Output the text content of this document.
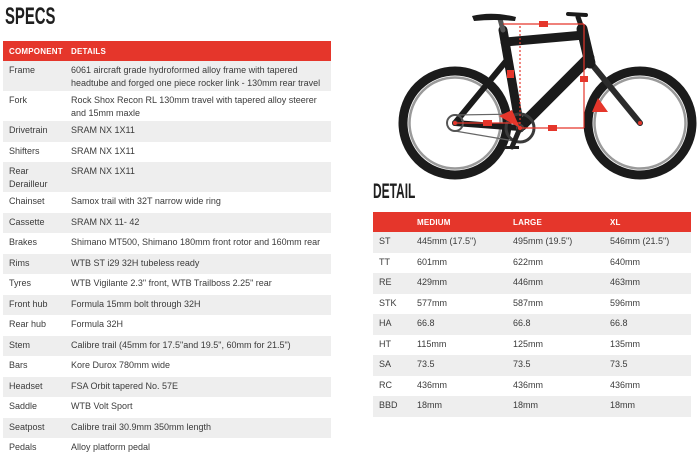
SPECS
COMPONENT	DETAILS
Frame	6061 aircraft grade hydroformed alloy frame with tapered headtube and forged one piece rocker link - 130mm rear travel
Fork	Rock Shox Recon RL 130mm travel with tapered alloy steerer and 15mm maxle
Drivetrain	SRAM NX 1X11
Shifters	SRAM NX 1X11
Rear Derailleur	SRAM NX 1X11
Chainset	Samox trail with 32T narrow wide ring
Cassette	SRAM NX 11- 42
Brakes	Shimano MT500, Shimano 180mm front rotor and 160mm rear
Rims	WTB ST i29 32H tubeless ready
Tyres	WTB Vigilante 2.3" front, WTB Trailboss 2.25" rear
Front hub	Formula 15mm bolt through 32H
Rear hub	Formula 32H
Stem	Calibre trail (45mm for 17.5"and 19.5", 60mm for 21.5")
Bars	Kore Durox 780mm wide
Headset	FSA Orbit tapered No. 57E
Saddle	WTB Volt Sport
Seatpost	Calibre trail 30.9mm 350mm length
Pedals	Alloy platform pedal
DETAIL
	MEDIUM	LARGE	XL
ST	445mm (17.5")	495mm (19.5")	546mm (21.5")
TT	601mm	622mm	640mm
RE	429mm	446mm	463mm
STK	577mm	587mm	596mm
HA	66.8	66.8	66.8
HT	115mm	125mm	135mm
SA	73.5	73.5	73.5
RC	436mm	436mm	436mm
BBD	18mm	18mm	18mm
